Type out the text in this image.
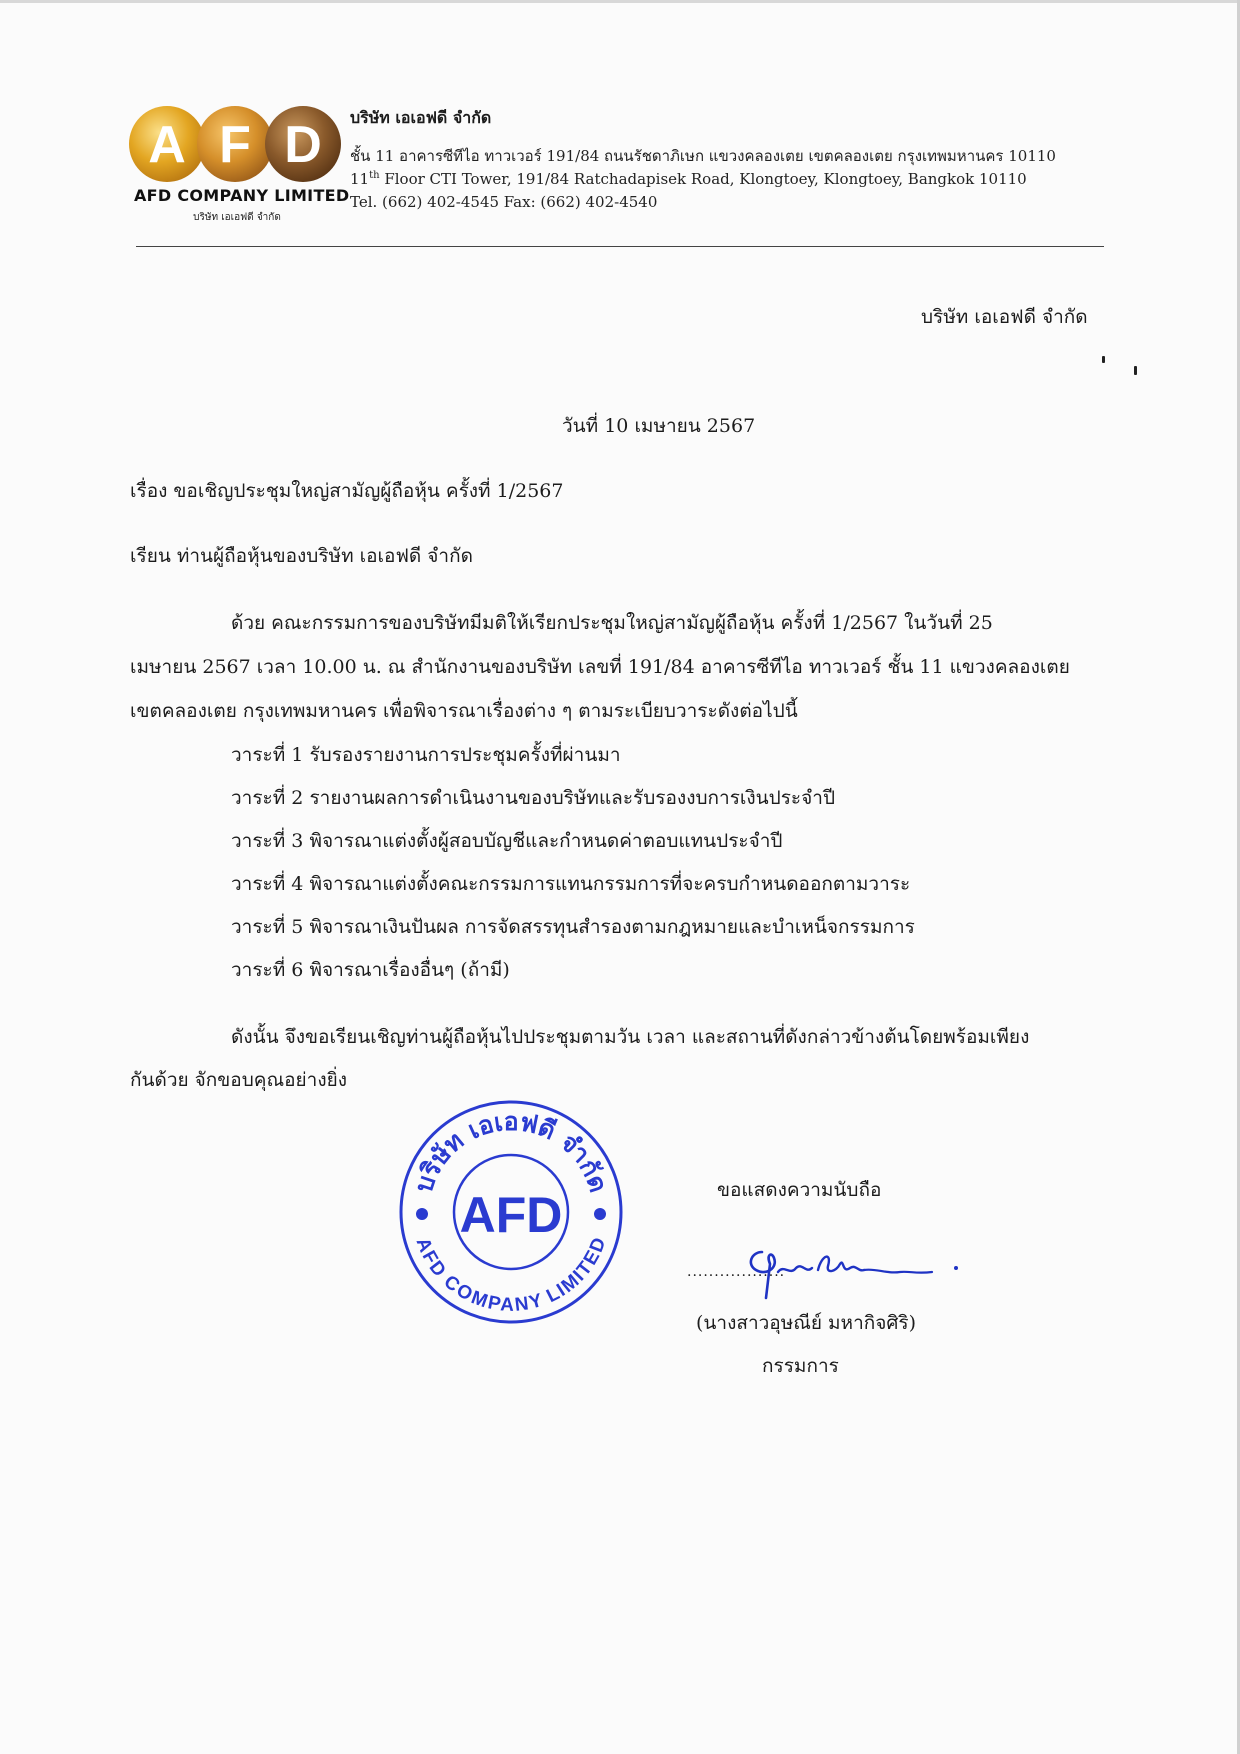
A F D
AFD COMPANY LIMITED
บริษัท เอเอฟดี จำกัด
บริษัท เอเอฟดี จำกัด
ชั้น 11 อาคารซีทีไอ ทาวเวอร์ 191/84 ถนนรัชดาภิเษก แขวงคลองเตย เขตคลองเตย กรุงเทพมหานคร 10110
11th Floor CTI Tower, 191/84 Ratchadapisek Road, Klongtoey, Klongtoey, Bangkok 10110
Tel. (662) 402-4545 Fax: (662) 402-4540
บริษัท เอเอฟดี จำกัด
วันที่ 10 เมษายน 2567
เรื่อง ขอเชิญประชุมใหญ่สามัญผู้ถือหุ้น ครั้งที่ 1/2567
เรียน ท่านผู้ถือหุ้นของบริษัท เอเอฟดี จำกัด
ด้วย คณะกรรมการของบริษัทมีมติให้เรียกประชุมใหญ่สามัญผู้ถือหุ้น ครั้งที่ 1/2567 ในวันที่ 25
เมษายน 2567 เวลา 10.00 น. ณ สำนักงานของบริษัท เลขที่ 191/84 อาคารซีทีไอ ทาวเวอร์ ชั้น 11 แขวงคลองเตย
เขตคลองเตย กรุงเทพมหานคร เพื่อพิจารณาเรื่องต่าง ๆ ตามระเบียบวาระดังต่อไปนี้
วาระที่ 1 รับรองรายงานการประชุมครั้งที่ผ่านมา
วาระที่ 2 รายงานผลการดำเนินงานของบริษัทและรับรองงบการเงินประจำปี
วาระที่ 3 พิจารณาแต่งตั้งผู้สอบบัญชีและกำหนดค่าตอบแทนประจำปี
วาระที่ 4 พิจารณาแต่งตั้งคณะกรรมการแทนกรรมการที่จะครบกำหนดออกตามวาระ
วาระที่ 5 พิจารณาเงินปันผล การจัดสรรทุนสำรองตามกฎหมายและบำเหน็จกรรมการ
วาระที่ 6 พิจารณาเรื่องอื่นๆ (ถ้ามี)
ดังนั้น จึงขอเรียนเชิญท่านผู้ถือหุ้นไปประชุมตามวัน เวลา และสถานที่ดังกล่าวข้างต้นโดยพร้อมเพียง
กันด้วย จักขอบคุณอย่างยิ่ง
AFD
บริษัท เอเอฟดี จำกัด
AFD COMPANY LIMITED
ขอแสดงความนับถือ
..................
(นางสาวอุษณีย์ มหากิจศิริ)
กรรมการ
